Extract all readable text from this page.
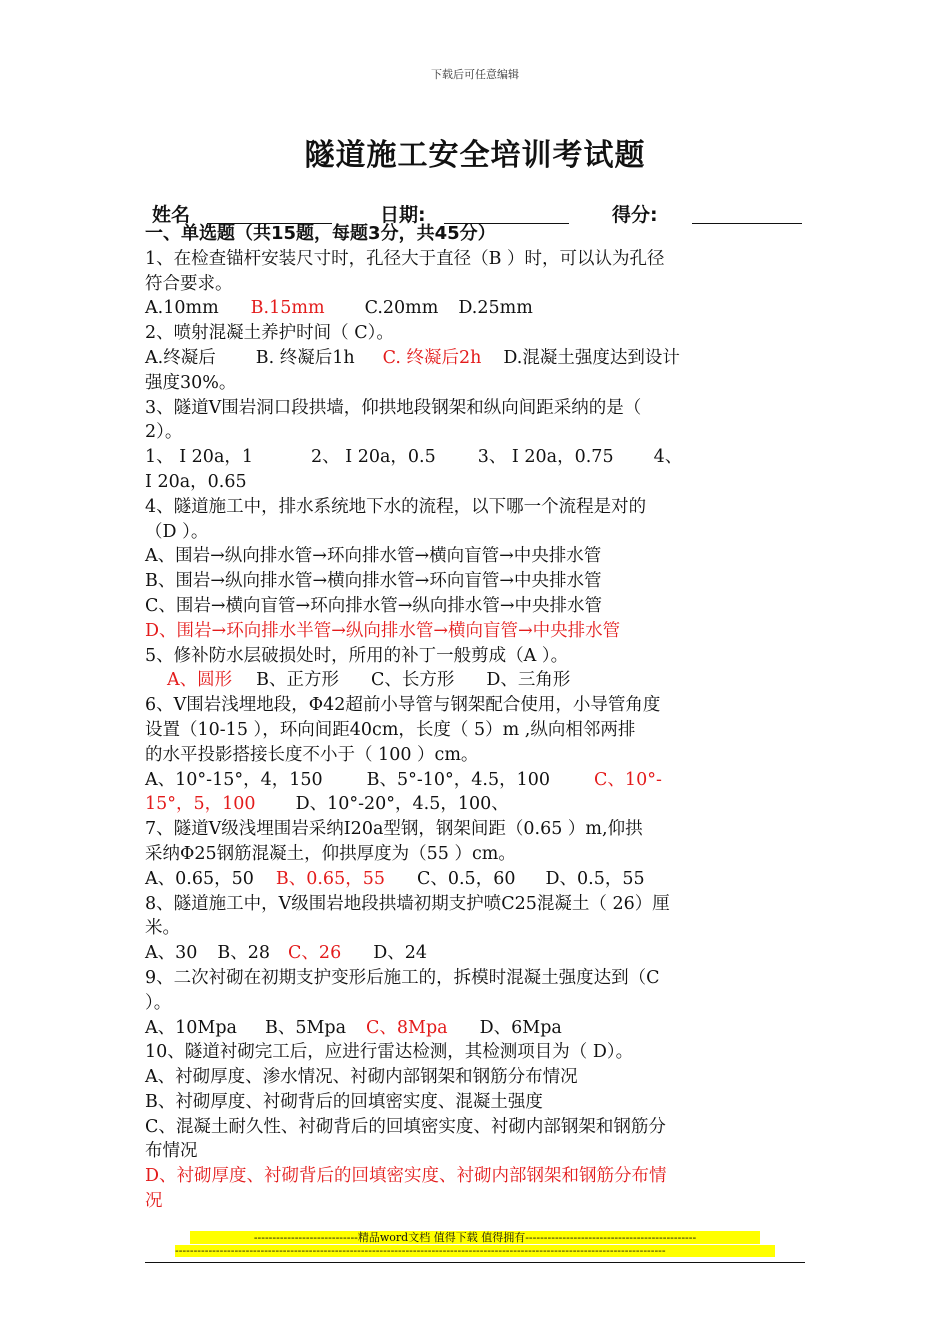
下载后可任意编辑
隧道施工安全培训考试题
姓名	日期:	得分:
一、单选题（共15题，每题3分，共45分）
1、在检查锚杆安装尺寸时，孔径大于直径（B ）时，可以认为孔径
符合要求。
A.10mm B.15mm C.20mm D.25mm
2、喷射混凝土养护时间（ C）。
A.终凝后 B. 终凝后1h C. 终凝后2h D.混凝土强度达到设计
强度30%。
3、隧道V围岩洞口段拱墙，仰拱地段钢架和纵向间距采纳的是（
2）。
1、 I 20a，1	2、 I 20a，0.5 3、 I 20a，0.75 4、
I 20a，0.65
4、隧道施工中，排水系统地下水的流程，以下哪一个流程是对的
（D ）。
A、围岩→纵向排水管→环向排水管→横向盲管→中央排水管
B、围岩→纵向排水管→横向排水管→环向盲管→中央排水管
C、围岩→横向盲管→环向排水管→纵向排水管→中央排水管
D、围岩→环向排水半管→纵向排水管→横向盲管→中央排水管
5、修补防水层破损处时，所用的补丁一般剪成（A ）。
A、圆形 B、正方形 C、长方形 D、三角形
6、V围岩浅埋地段，Φ42超前小导管与钢架配合使用，小导管角度
设置（10-15 ），环向间距40cm，长度（ 5）m ,纵向相邻两排
的水平投影搭接长度不小于（ 100 ）cm。
A、10°-15°，4，150	B、5°-10°，4.5，100	C、10°-
15°，5，100 D、10°-20°，4.5，100、
7、隧道V级浅埋围岩采纳I20a型钢，钢架间距（0.65 ）m,仰拱
采纳Φ25钢筋混凝土，仰拱厚度为（55 ）cm。
A、0.65，50 B、0.65，55 C、0.5，60 D、0.5，55
8、隧道施工中，V级围岩地段拱墙初期支护喷C25混凝土（ 26）厘
米。
A、30 B、28 C、26 D、24
9、二次衬砌在初期支护变形后施工的，拆模时混凝土强度达到（C
）。
A、10Mpa B、5Mpa C、8Mpa D、6Mpa
10、隧道衬砌完工后，应进行雷达检测，其检测项目为（ D）。
A、衬砌厚度、渗水情况、衬砌内部钢架和钢筋分布情况
B、衬砌厚度、衬砌背后的回填密实度、混凝土强度
C、混凝土耐久性、衬砌背后的回填密实度、衬砌内部钢架和钢筋分
布情况
D、衬砌厚度、衬砌背后的回填密实度、衬砌内部钢架和钢筋分布情
况
----------------------------精品word文档 值得下载 值得拥有----------------------------------------------
------------------------------------------------------------------------------------------------------------------------------------
